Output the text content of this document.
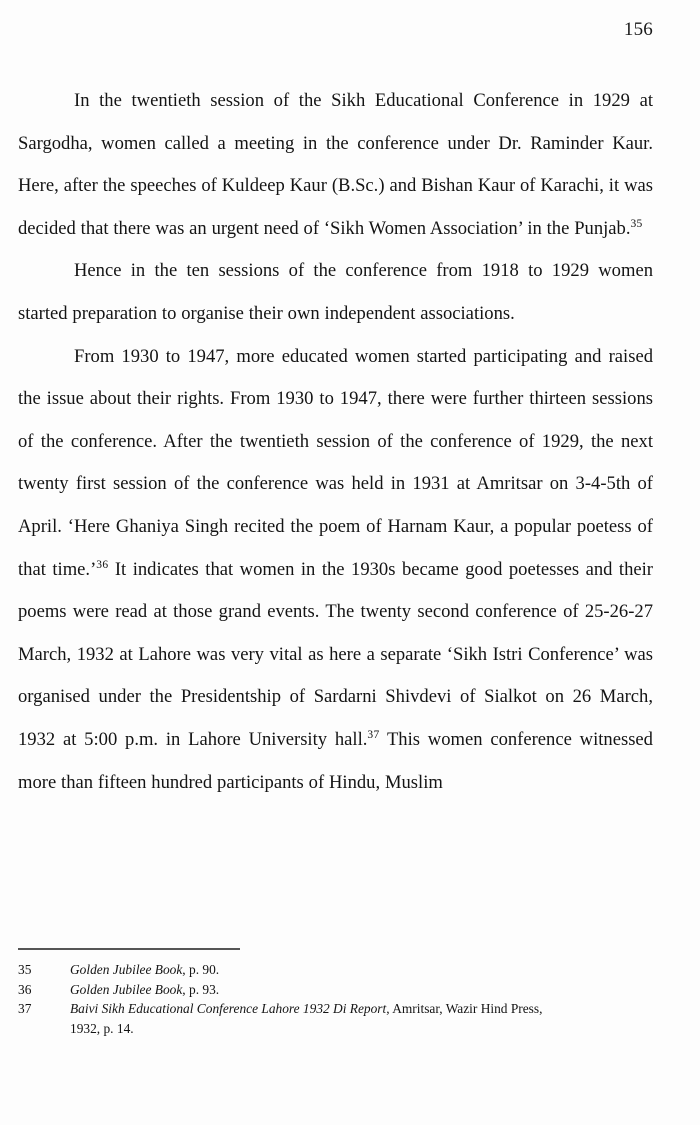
156

In the twentieth session of the Sikh Educational Conference in 1929 at Sargodha, women called a meeting in the conference under Dr. Raminder Kaur. Here, after the speeches of Kuldeep Kaur (B.Sc.) and Bishan Kaur of Karachi, it was decided that there was an urgent need of ‘Sikh Women Association’ in the Punjab.$^{35}$

Hence in the ten sessions of the conference from 1918 to 1929 women started preparation to organise their own independent associations.

From 1930 to 1947, more educated women started participating and raised the issue about their rights. From 1930 to 1947, there were further thirteen sessions of the conference. After the twentieth session of the conference of 1929, the next twenty first session of the conference was held in 1931 at Amritsar on 3-4-5th of April. ‘Here Ghaniya Singh recited the poem of Harnam Kaur, a popular poetess of that time.’$^{36}$ It indicates that women in the 1930s became good poetesses and their poems were read at those grand events. The twenty second conference of 25-26-27 March, 1932 at Lahore was very vital as here a separate ‘Sikh Istri Conference’ was organised under the Presidentship of Sardarni Shivdevi of Sialkot on 26 March, 1932 at 5:00 p.m. in Lahore University hall.$^{37}$ This women conference witnessed more than fifteen hundred participants of Hindu, Muslim

35	Golden Jubilee Book, p. 90.
36	Golden Jubilee Book, p. 93.
37	Baivi Sikh Educational Conference Lahore 1932 Di Report, Amritsar, Wazir Hind Press,
1932, p. 14.
